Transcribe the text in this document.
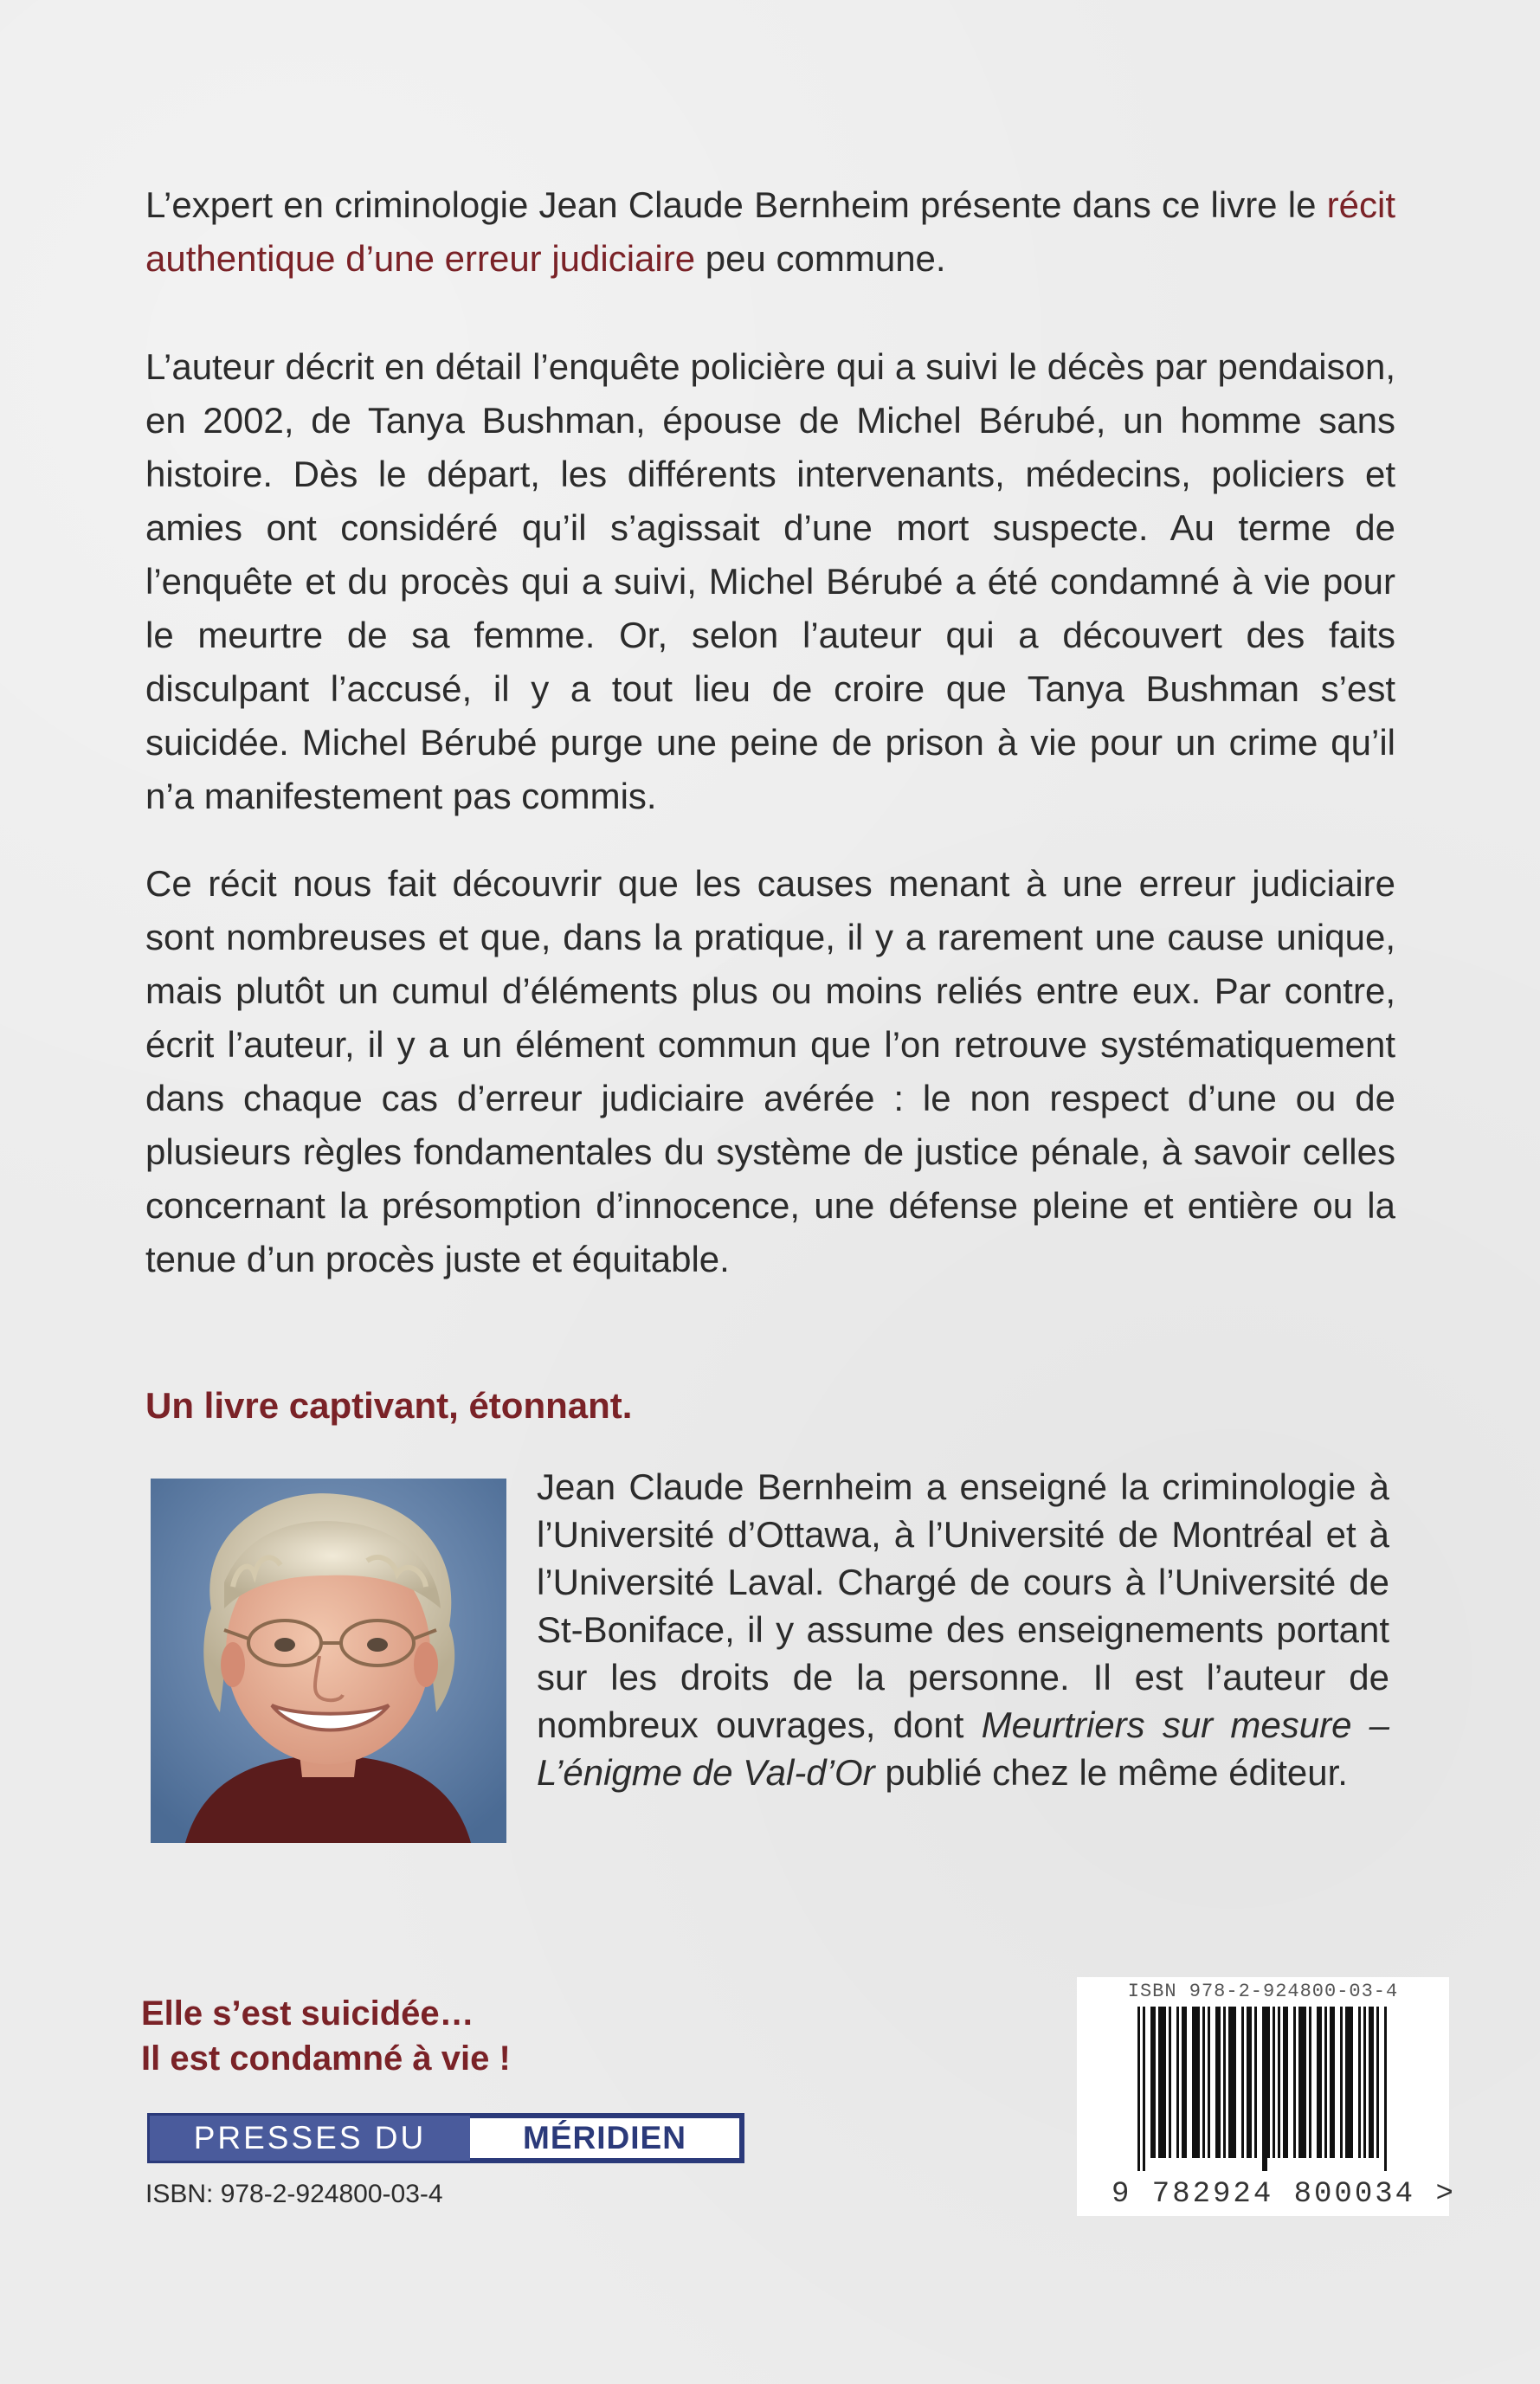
L’expert en criminologie Jean Claude Bernheim présente dans ce livre le récit authentique d’une erreur judiciaire peu commune.

L’auteur décrit en détail l’enquête policière qui a suivi le décès par pendaison, en 2002, de Tanya Bushman, épouse de Michel Bérubé, un homme sans histoire. Dès le départ, les différents intervenants, médecins, policiers et amies ont considéré qu’il s’agissait d’une mort suspecte. Au terme de l’enquête et du procès qui a suivi, Michel Bérubé a été condamné à vie pour le meurtre de sa femme. Or, selon l’auteur qui a découvert des faits disculpant l’accusé, il y a tout lieu de croire que Tanya Bushman s’est suicidée. Michel Bérubé purge une peine de prison à vie pour un crime qu’il n’a manifestement pas commis.

Ce récit nous fait découvrir que les causes menant à une erreur judiciaire sont nombreuses et que, dans la pratique, il y a rarement une cause unique, mais plutôt un cumul d’éléments plus ou moins reliés entre eux. Par contre, écrit l’auteur, il y a un élément commun que l’on retrouve systématiquement dans chaque cas d’erreur judiciaire avérée : le non respect d’une ou de plusieurs règles fondamentales du système de justice pénale, à savoir celles concernant la présomption d’innocence, une défense pleine et entière ou la tenue d’un procès juste et équitable.

Un livre captivant, étonnant.

Jean Claude Bernheim a enseigné la criminologie à l’Université d’Ottawa, à l’Université de Montréal et à l’Université Laval. Chargé de cours à l’Université de St-Boniface, il y assume des enseignements portant sur les droits de la personne. Il est l’auteur de nombreux ouvrages, dont Meurtriers sur mesure – L’énigme de Val-d’Or publié chez le même éditeur.

Elle s’est suicidée…
Il est condamné à vie !
PRESSES DU	MÉRIDIEN
ISBN: 978-2-924800-03-4
ISBN 978-2-924800-03-4
9 782924 800034 >
